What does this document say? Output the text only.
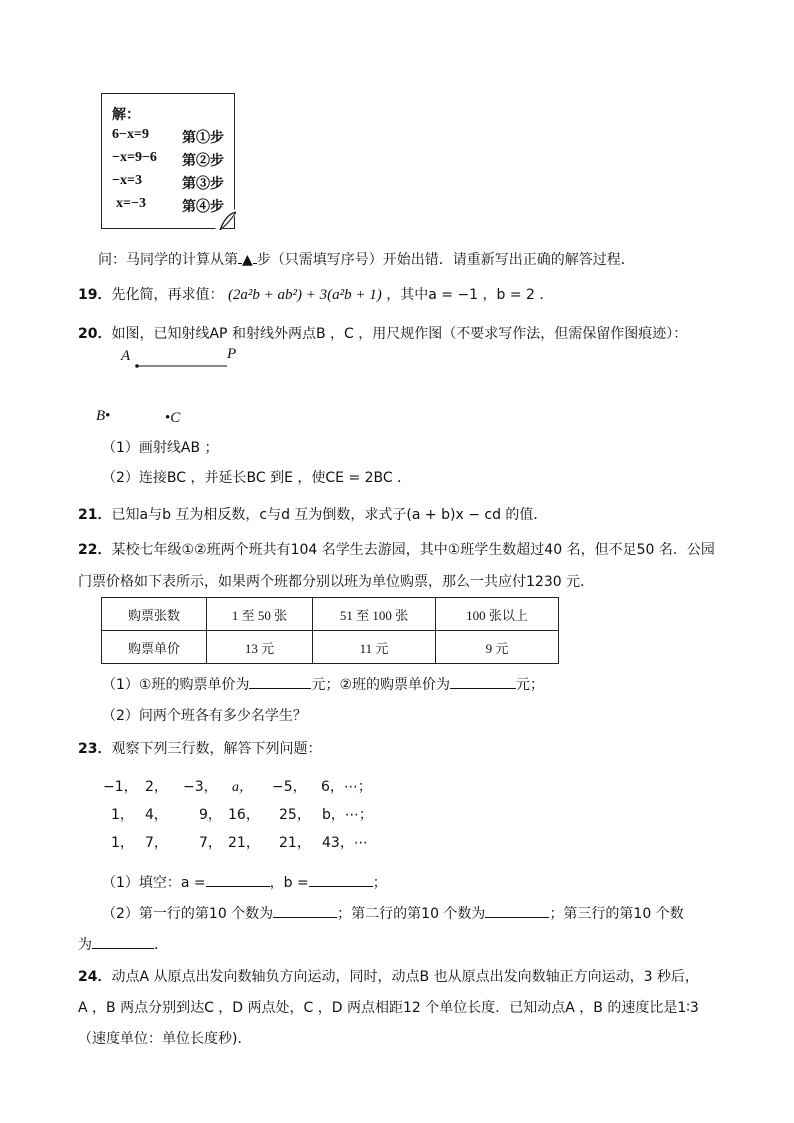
解：
6−x=9 第①步
−x=9−6 第②步
−x=3	第③步
x=−3	第④步
问：马同学的计算从第 ▲ 步（只需填写序号）开始出错．请重新写出正确的解答过程．
19．先化简，再求值： (2a²b + ab²) + 3(a²b + 1) ，其中a = −1 ，b = 2 ．
20．如图，已知射线AP 和射线外两点B ，C ，用尺规作图（不要求写作法，但需保留作图痕迹）：
A	P
B•	•C
（1）画射线AB ；
（2）连接BC ，并延长BC 到E ，使CE = 2BC ．
21．已知a与b 互为相反数，c与d 互为倒数，求式子(a + b)x − cd 的值．
22．某校七年级①②班两个班共有104 名学生去游园，其中①班学生数超过40 名，但不足50 名．公园
门票价格如下表所示，如果两个班都分别以班为单位购票，那么一共应付1230 元．
购票张数	1 至 50 张	51 至 100 张	100 张以上
购票单价	13 元	11 元	9 元
（1）①班的购票单价为	元；②班的购票单价为	元；
（2）问两个班各有多少名学生？
23．观察下列三行数，解答下列问题：
−1， 2， −3， a， −5， 6，⋯；
1， 4， 9， 16， 25， b，⋯；
1， 7， 7， 21， 21， 43，⋯
（1）填空：a =	，b =	；
（2）第一行的第10 个数为	；第二行的第10 个数为	；第三行的第10 个数
为	．
24．动点A 从原点出发向数轴负方向运动，同时，动点B 也从原点出发向数轴正方向运动，3 秒后，
A ，B 两点分别到达C ，D 两点处，C ，D 两点相距12 个单位长度．已知动点A ，B 的速度比是1∶3
（速度单位：单位长度秒)．
